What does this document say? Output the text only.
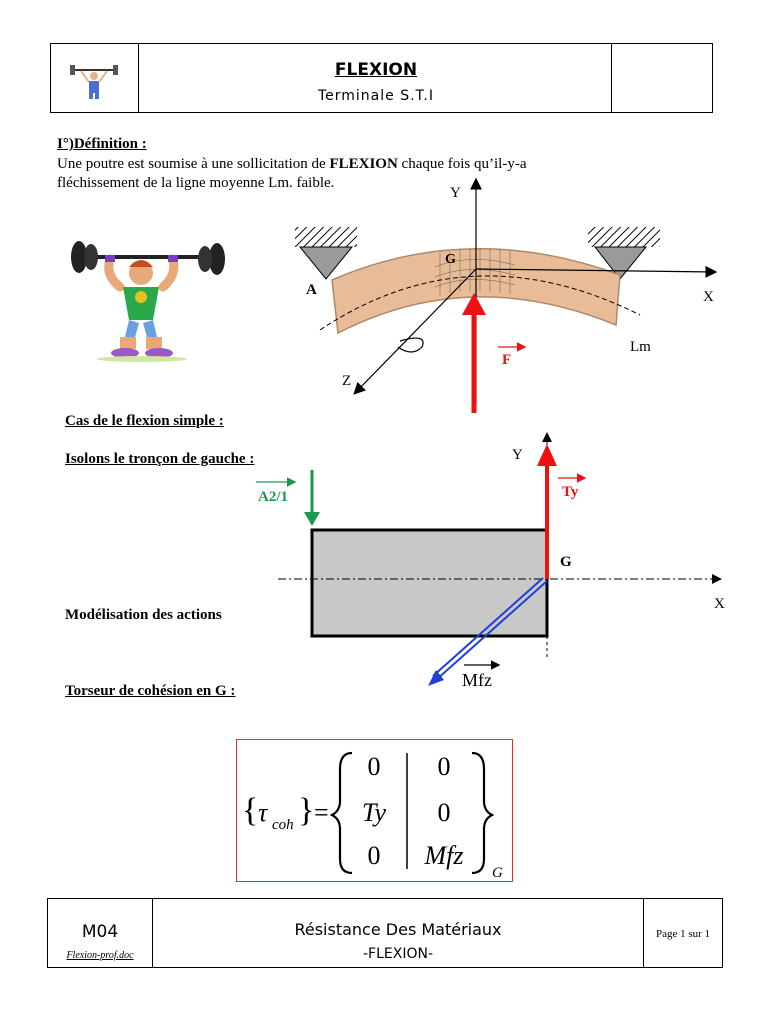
FLEXION
Terminale S.T.I
I°)Définition :
Une poutre est soumise à une sollicitation de FLEXION chaque fois qu’il-y-a
fléchissement de la ligne moyenne Lm. faible.
Y
X
Z
G
A
F
Lm
Cas de le flexion simple :
Isolons le tronçon de gauche :
Modélisation des actions
Torseur de cohésion en G :
A2/1
Y
Ty
G
X
Mfz
{ τ coh } =
0 0
Ty 0
0 Mfz
G
M04
Flexion-prof.doc
Résistance Des Matériaux
-FLEXION-
Page 1 sur 1
